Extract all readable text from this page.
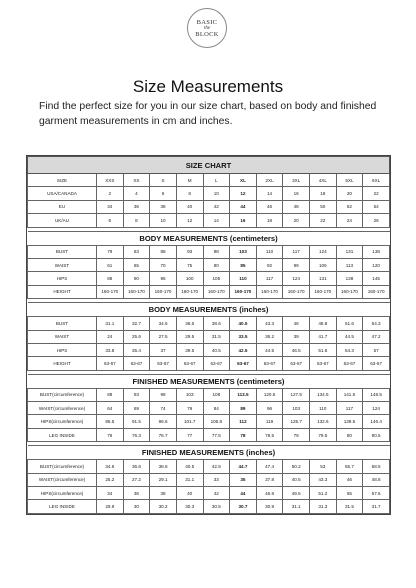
BASIC
the
BLOCK
Size Measurements
Find the perfect size for you in our size chart, based on body and finished garment measurements in cm and inches.
SIZE CHART											
SIZE	XXS	XS	S	M	L	XL	2XL	3XL	4XL	5XL	6XL
USA/CANADA	2	4	6	8	10	12	14	16	18	20	22
EU	34	36	38	40	42	44	46	48	50	52	54
UK/AU	6	8	10	12	14	16	18	20	22	24	26

BODY MEASUREMENTS (centimeters)											
BUST	79	83	88	93	98	103	110	117	124	131	138
WAIST	61	65	70	75	80	85	92	99	106	113	120
HIPS	86	90	95	100	105	110	117	124	131	138	145
HEIGHT	160-170	160-170	160-170	160-170	160-170	160-170	160-170	160-170	160-170	160-170	160-170

BODY MEASUREMENTS (inches)											
BUST	31.1	32.7	34.6	36.6	38.6	40.5	43.3	46	48.8	51.6	54.3
WAIST	24	25.6	27.5	29.5	31.5	33.5	36.2	39	41.7	44.5	47.2
HIPS	33.8	35.4	37	39.5	40.5	42.5	44.5	46.5	51.6	54.3	57
HEIGHT	63-67	63-67	63-67	63-67	63-67	63-67	63-67	63-67	63-67	63-67	63-67

FINISHED MEASUREMENTS (centimeters)											
BUST(circumference)	88	93	98	103	108	113.5	120.5	127.5	134.5	141.5	148.5
WAIST(circumference)	64	69	74	79	84	89	96	103	110	117	124
HIPS(circumference)	86.5	91.5	96.6	101.7	106.8	112	119	125.7	132.6	139.5	146.4
LEG INSIDE	76	76.3	76.7	77	77.5	78	78.5	79	79.5	80	80.5

FINISHED MEASUREMENTS (inches)											
BUST(circumference)	34.6	36.6	38.6	40.5	42.5	44.7	47.4	50.2	53	55.7	58.5
WAIST(circumference)	25.2	27.2	29.1	31.1	33	35	37.8	40.5	43.3	46	48.8
HIPS(circumference)	34	36	38	40	42	44	46.8	49.5	51.2	55	57.6
LEG INSIDE	29.9	30	30.2	30.3	30.5	30.7	30.9	31.1	31.3	31.5	31.7
